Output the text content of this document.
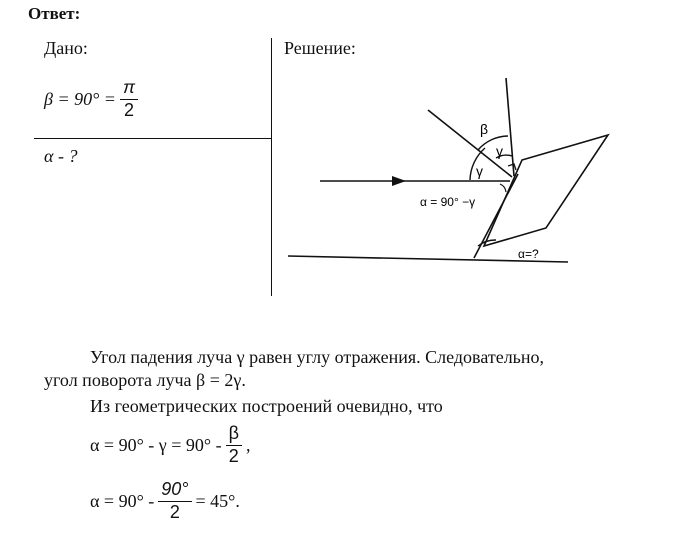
Ответ:
Дано:	Решение:
$\beta = 90^\circ = \frac{\pi}{2}$
α - ?
β
γ
γ
α = 90° −γ
α=?
Угол падения луча γ равен углу отражения. Следовательно,
угол поворота луча β = 2γ.
Из геометрических построений очевидно, что
$\alpha = 90^\circ - \gamma = 90^\circ - \frac{\beta}{2}$ ,
$\alpha = 90^\circ - \frac{90^\circ}{2} = 45^\circ$.
